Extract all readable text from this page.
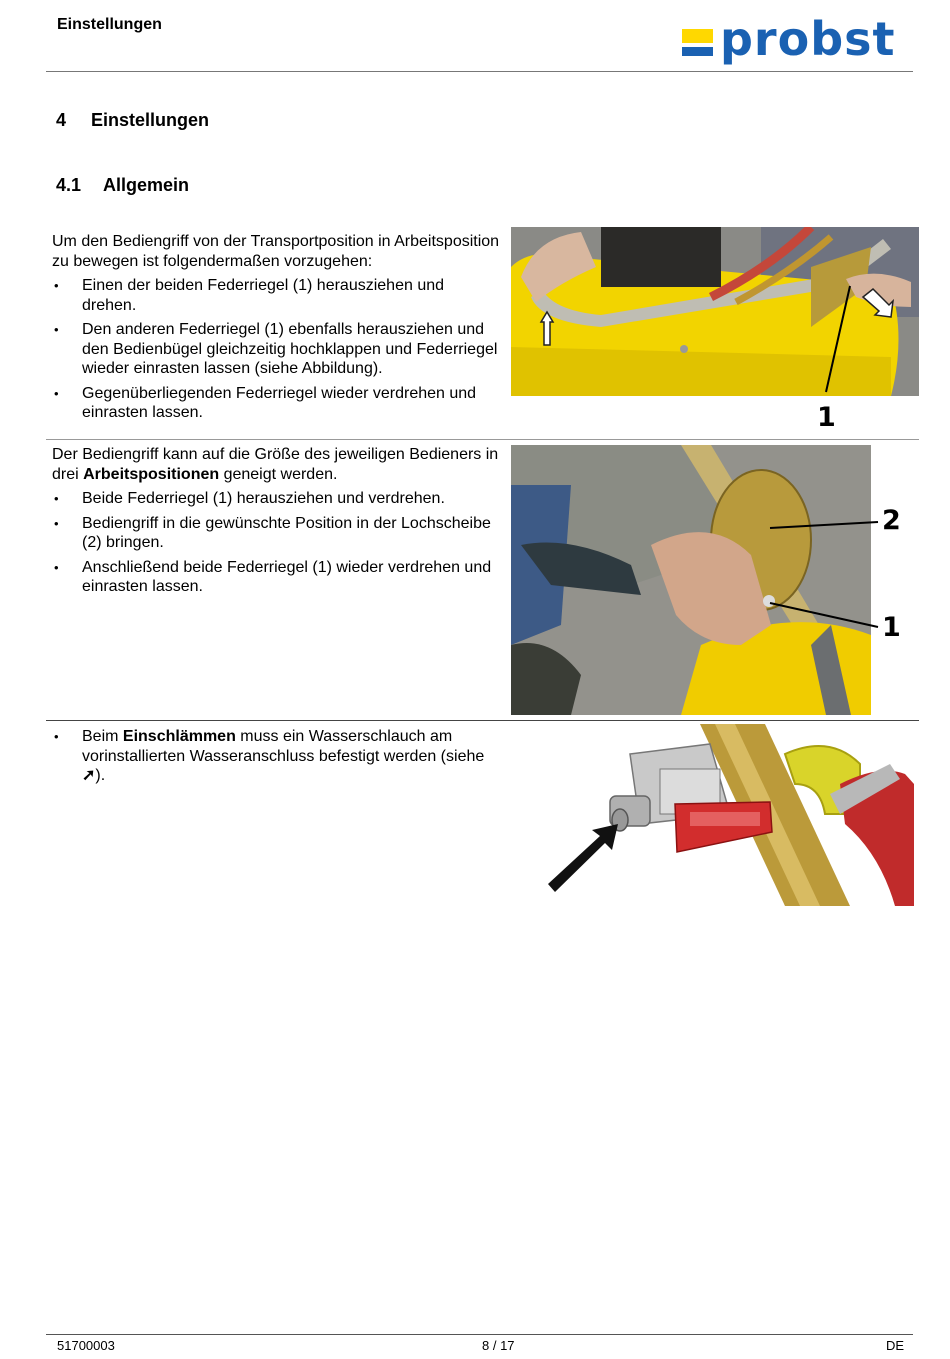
Einstellungen	probst
4 Einstellungen
4.1 Allgemein
Um den Bediengriff von der Transportposition in Arbeitsposition zu bewegen ist folgendermaßen vorzugehen:
• Einen der beiden Federriegel (1) herausziehen und drehen.
• Den anderen Federriegel (1) ebenfalls herausziehen und den Bedienbügel gleichzeitig hochklappen und Federriegel wieder einrasten lassen (siehe Abbildung).
• Gegenüberliegenden Federriegel wieder verdrehen und einrasten lassen.	1
Der Bediengriff kann auf die Größe des jeweiligen Bedieners in drei Arbeitspositionen geneigt werden.
• Beide Federriegel (1) herausziehen und verdrehen.
• Bediengriff in die gewünschte Position in der Lochscheibe (2) bringen.
• Anschließend beide Federriegel (1) wieder verdrehen und einrasten lassen.
2
1
• Beim Einschlämmen muss ein Wasserschlauch am vorinstallierten Wasseranschluss befestigt werden (siehe ➚).
51700003	8 / 17	DE
